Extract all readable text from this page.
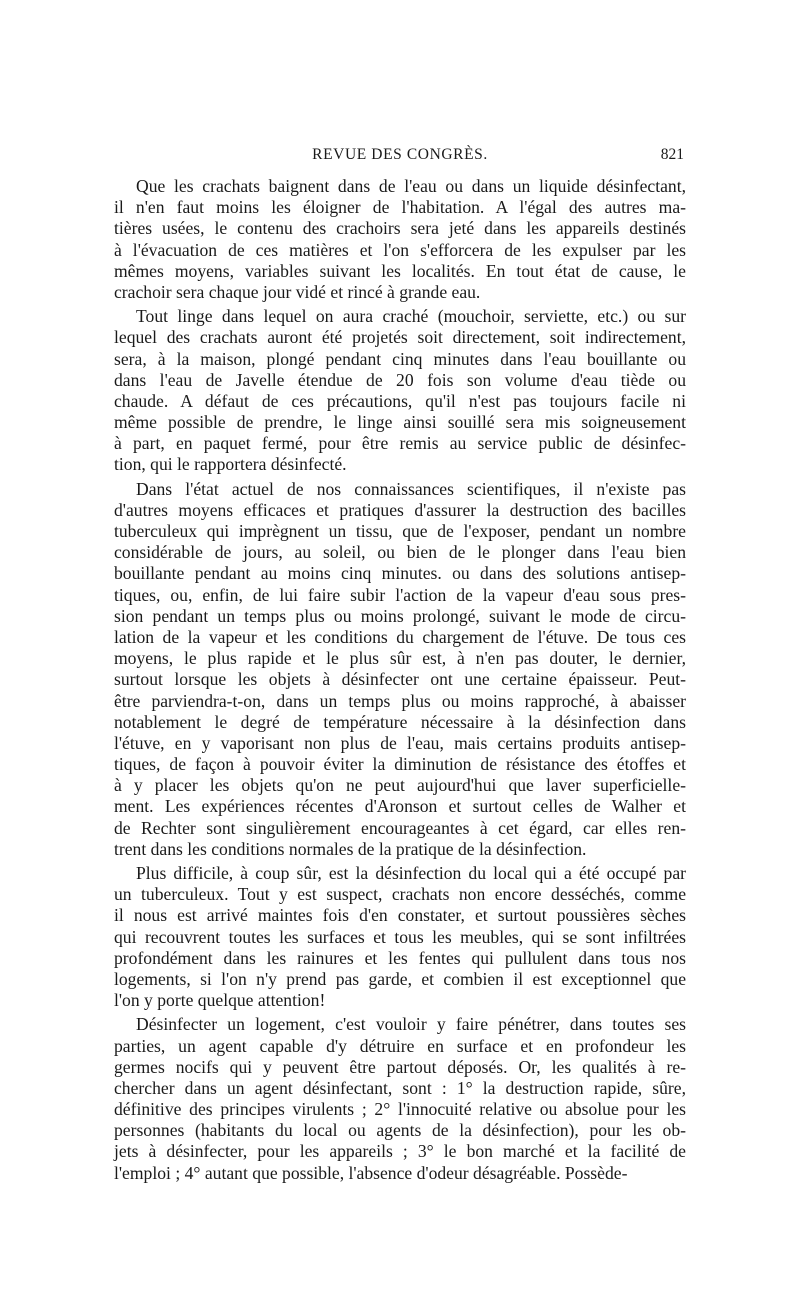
REVUE DES CONGRÈS.	821

Que les crachats baignent dans de l'eau ou dans un liquide désinfectant,
il n'en faut moins les éloigner de l'habitation. A l'égal des autres ma-
tières usées, le contenu des crachoirs sera jeté dans les appareils destinés
à l'évacuation de ces matières et l'on s'efforcera de les expulser par les
mêmes moyens, variables suivant les localités. En tout état de cause, le
crachoir sera chaque jour vidé et rincé à grande eau.

Tout linge dans lequel on aura craché (mouchoir, serviette, etc.) ou sur
lequel des crachats auront été projetés soit directement, soit indirectement,
sera, à la maison, plongé pendant cinq minutes dans l'eau bouillante ou
dans l'eau de Javelle étendue de 20 fois son volume d'eau tiède ou
chaude. A défaut de ces précautions, qu'il n'est pas toujours facile ni
même possible de prendre, le linge ainsi souillé sera mis soigneusement
à part, en paquet fermé, pour être remis au service public de désinfec-
tion, qui le rapportera désinfecté.

Dans l'état actuel de nos connaissances scientifiques, il n'existe pas
d'autres moyens efficaces et pratiques d'assurer la destruction des bacilles
tuberculeux qui imprègnent un tissu, que de l'exposer, pendant un nombre
considérable de jours, au soleil, ou bien de le plonger dans l'eau bien
bouillante pendant au moins cinq minutes. ou dans des solutions antisep-
tiques, ou, enfin, de lui faire subir l'action de la vapeur d'eau sous pres-
sion pendant un temps plus ou moins prolongé, suivant le mode de circu-
lation de la vapeur et les conditions du chargement de l'étuve. De tous ces
moyens, le plus rapide et le plus sûr est, à n'en pas douter, le dernier,
surtout lorsque les objets à désinfecter ont une certaine épaisseur. Peut-
être parviendra-t-on, dans un temps plus ou moins rapproché, à abaisser
notablement le degré de température nécessaire à la désinfection dans
l'étuve, en y vaporisant non plus de l'eau, mais certains produits antisep-
tiques, de façon à pouvoir éviter la diminution de résistance des étoffes et
à y placer les objets qu'on ne peut aujourd'hui que laver superficielle-
ment. Les expériences récentes d'Aronson et surtout celles de Walher et
de Rechter sont singulièrement encourageantes à cet égard, car elles ren-
trent dans les conditions normales de la pratique de la désinfection.

Plus difficile, à coup sûr, est la désinfection du local qui a été occupé par
un tuberculeux. Tout y est suspect, crachats non encore desséchés, comme
il nous est arrivé maintes fois d'en constater, et surtout poussières sèches
qui recouvrent toutes les surfaces et tous les meubles, qui se sont infiltrées
profondément dans les rainures et les fentes qui pullulent dans tous nos
logements, si l'on n'y prend pas garde, et combien il est exceptionnel que
l'on y porte quelque attention!

Désinfecter un logement, c'est vouloir y faire pénétrer, dans toutes ses
parties, un agent capable d'y détruire en surface et en profondeur les
germes nocifs qui y peuvent être partout déposés. Or, les qualités à re-
chercher dans un agent désinfectant, sont : 1° la destruction rapide, sûre,
définitive des principes virulents ; 2° l'innocuité relative ou absolue pour les
personnes (habitants du local ou agents de la désinfection), pour les ob-
jets à désinfecter, pour les appareils ; 3° le bon marché et la facilité de
l'emploi ; 4° autant que possible, l'absence d'odeur désagréable. Possède-
